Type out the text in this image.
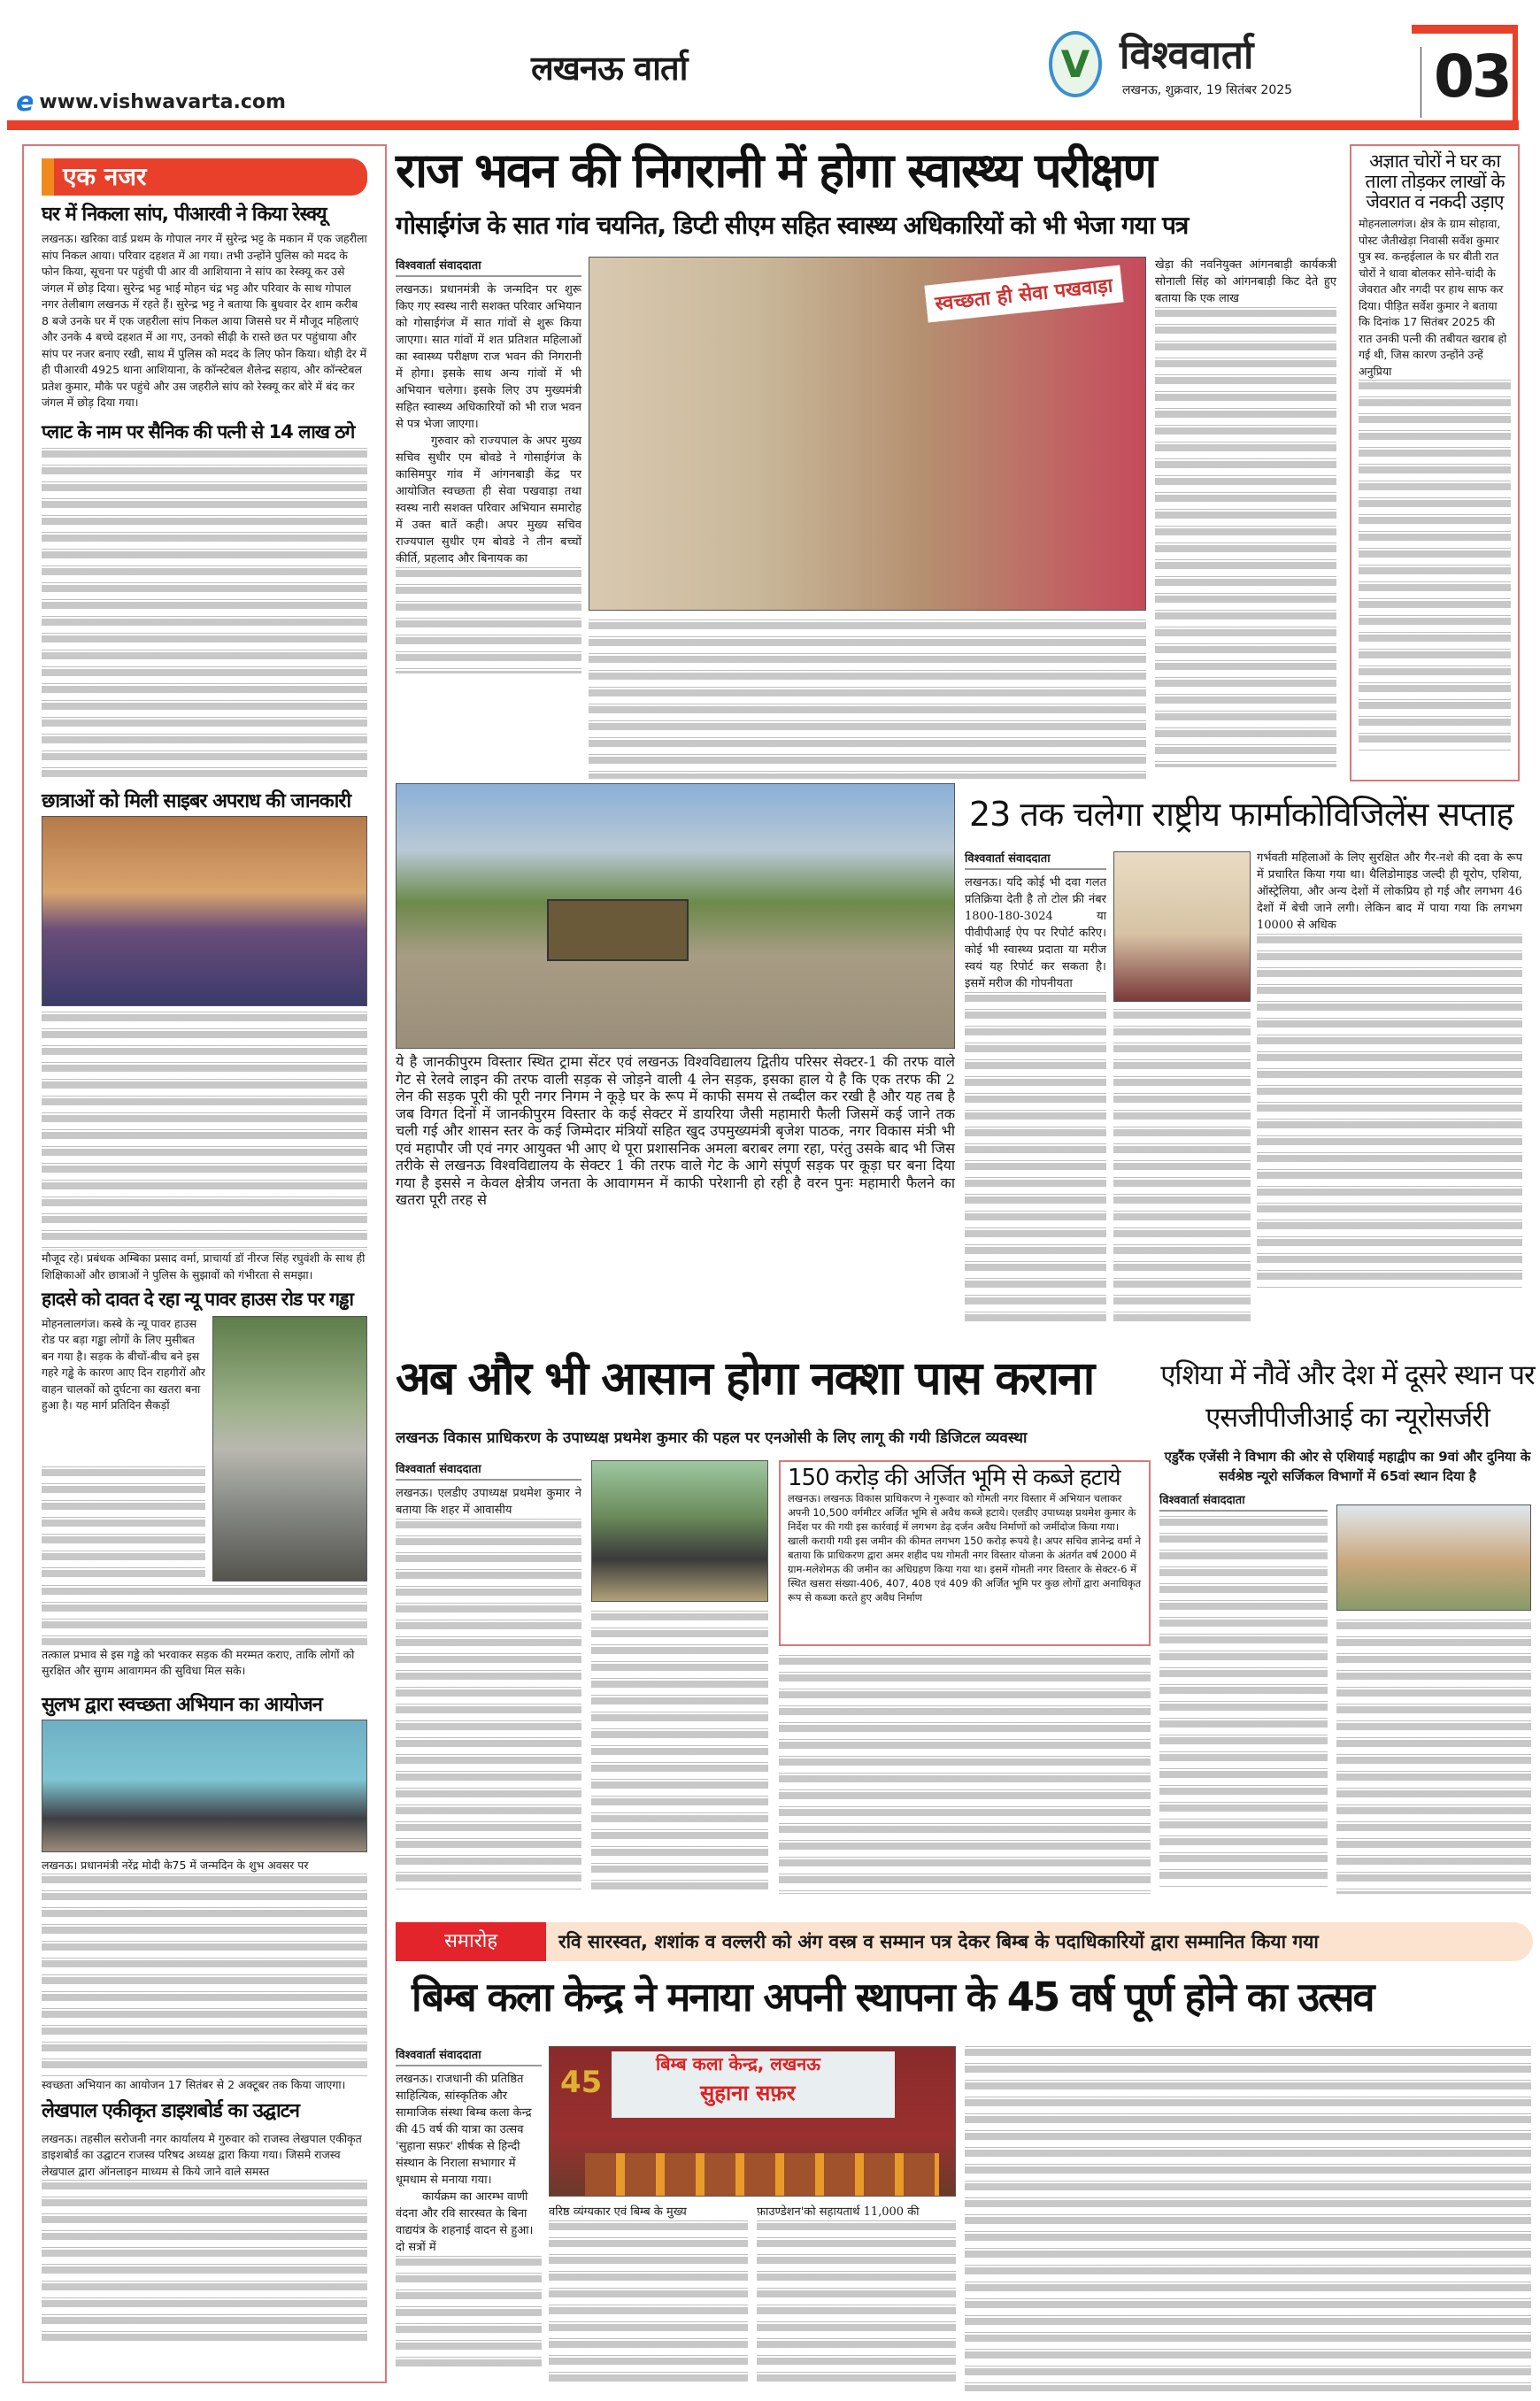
लखनऊ वार्ता
e www.vishwavarta.com
V विश्ववार्ता
लखनऊ, शुक्रवार, 19 सितंबर 2025 03
एक नजर
घर में निकला सांप, पीआरवी ने किया रेस्क्यू
लखनऊ। खरिका वार्ड प्रथम के गोपाल नगर में सुरेन्द्र भट्ट के मकान में एक जहरीला सांप निकल आया। परिवार दहशत में आ गया। तभी उन्होंने पुलिस को मदद के फोन किया, सूचना पर पहुंची पी आर वी आशियाना ने सांप का रेस्क्यू कर उसे जंगल में छोड़ दिया। सुरेन्द्र भट्ट भाई मोहन चंद्र भट्ट और परिवार के साथ गोपाल नगर तेलीबाग लखनऊ में रहते हैं। सुरेन्द्र भट्ट ने बताया कि बुधवार देर शाम करीब 8 बजे उनके घर में एक जहरीला सांप निकल आया जिससे घर में मौजूद महिलाएं और उनके 4 बच्चे दहशत में आ गए, उनको सीढ़ी के रास्ते छत पर पहुंचाया और सांप पर नजर बनाए रखी, साथ में पुलिस को मदद के लिए फोन किया। थोड़ी देर में ही पीआरवी 4925 थाना आशियाना, के कॉन्स्टेबल शैलेन्द्र सहाय, और कॉन्स्टेबल प्रतेश कुमार, मौके पर पहुंचे और उस जहरीले सांप को रेस्क्यू कर बोरे में बंद कर जंगल में छोड़ दिया गया।
प्लाट के नाम पर सैनिक की पत्नी से 14 लाख ठगे
छात्राओं को मिली साइबर अपराध की जानकारी
मौजूद रहे। प्रबंधक अम्बिका प्रसाद वर्मा, प्राचार्या डॉ नीरज सिंह रघुवंशी के साथ ही शिक्षिकाओं और छात्राओं ने पुलिस के सुझावों को गंभीरता से समझा।
हादसे को दावत दे रहा न्यू पावर हाउस रोड पर गड्ढा
मोहनलालगंज। कस्बे के न्यू पावर हाउस रोड पर बड़ा गड्ढा लोगों के लिए मुसीबत बन गया है। सड़क के बीचों-बीच बने इस गहरे गड्ढे के कारण आए दिन राहगीरों और वाहन चालकों को दुर्घटना का खतरा बना हुआ है। यह मार्ग प्रतिदिन सैकड़ों
तत्काल प्रभाव से इस गड्ढे को भरवाकर सड़क की मरम्मत कराए, ताकि लोगों को सुरक्षित और सुगम आवागमन की सुविधा मिल सके।
सुलभ द्वारा स्वच्छता अभियान का आयोजन
लखनऊ। प्रधानमंत्री नरेंद्र मोदी के75 में जन्मदिन के शुभ अवसर पर
स्वच्छता अभियान का आयोजन 17 सितंबर से 2 अक्टूबर तक किया जाएगा।
लेखपाल एकीकृत डाइशबोर्ड का उद्घाटन
लखनऊ। तहसील सरोजनी नगर कार्यालय मे गुरुवार को राजस्व लेखपाल एकीकृत डाइशबोर्ड का उद्घाटन राजस्व परिषद अध्यक्ष द्वारा किया गया। जिसमे राजस्व लेखपाल द्वारा ऑनलाइन माध्यम से किये जाने वाले समस्त
राज भवन की निगरानी में होगा स्वास्थ्य परीक्षण
गोसाईगंज के सात गांव चयनित, डिप्टी सीएम सहित स्वास्थ्य अधिकारियों को भी भेजा गया पत्र
विश्ववार्ता संवाददाता
लखनऊ। प्रधानमंत्री के जन्मदिन पर शुरू किए गए स्वस्थ नारी सशक्त परिवार अभियान को गोसाईगंज में सात गांवों से शुरू किया जाएगा। सात गांवों में शत प्रतिशत महिलाओं का स्वास्थ्य परीक्षण राज भवन की निगरानी में होगा। इसके साथ अन्य गांवों में भी अभियान चलेगा। इसके लिए उप मुख्यमंत्री सहित स्वास्थ्य अधिकारियों को भी राज भवन से पत्र भेजा जाएगा।
गुरुवार को राज्यपाल के अपर मुख्य सचिव सुधीर एम बोवडे ने गोसाईगंज के कासिमपुर गांव में आंगनबाड़ी केंद्र पर आयोजित स्वच्छता ही सेवा पखवाड़ा तथा स्वस्थ नारी सशक्त परिवार अभियान समारोह में उक्त बातें कही। अपर मुख्य सचिव राज्यपाल सुधीर एम बोवडे ने तीन बच्चों कीर्ति, प्रहलाद और बिनायक का
स्वच्छता ही सेवा पखवाड़ा
खेड़ा की नवनियुक्त आंगनबाड़ी कार्यकत्री सोनाली सिंह को आंगनबाड़ी किट देते हुए बताया कि एक लाख
अज्ञात चोरों ने घर का ताला तोड़कर लाखों के जेवरात व नकदी उड़ाए
मोहनलालगंज। क्षेत्र के ग्राम सोहावा, पोस्ट जैतीखेड़ा निवासी सर्वेश कुमार पुत्र स्व. कन्हईलाल के घर बीती रात चोरों ने धावा बोलकर सोने-चांदी के जेवरात और नगदी पर हाथ साफ कर दिया। पीड़ित सर्वेश कुमार ने बताया कि दिनांक 17 सितंबर 2025 की रात उनकी पत्नी की तबीयत खराब हो गई थी, जिस कारण उन्होंने उन्हें अनुप्रिया
ये है जानकीपुरम विस्तार स्थित ट्रामा सेंटर एवं लखनऊ विश्वविद्यालय द्वितीय परिसर सेक्टर-1 की तरफ वाले गेट से रेलवे लाइन की तरफ वाली सड़क से जोड़ने वाली 4 लेन सड़क, इसका हाल ये है कि एक तरफ की 2 लेन की सड़क पूरी की पूरी नगर निगम ने कूड़े घर के रूप में काफी समय से तब्दील कर रखी है और यह तब है जब विगत दिनों में जानकीपुरम विस्तार के कई सेक्टर में डायरिया जैसी महामारी फैली जिसमें कई जाने तक चली गई और शासन स्तर के कई जिम्मेदार मंत्रियों सहित खुद उपमुख्यमंत्री बृजेश पाठक, नगर विकास मंत्री भी एवं महापौर जी एवं नगर आयुक्त भी आए थे पूरा प्रशासनिक अमला बराबर लगा रहा, परंतु उसके बाद भी जिस तरीके से लखनऊ विश्वविद्यालय के सेक्टर 1 की तरफ वाले गेट के आगे संपूर्ण सड़क पर कूड़ा घर बना दिया गया है इससे न केवल क्षेत्रीय जनता के आवागमन में काफी परेशानी हो रही है वरन पुनः महामारी फैलने का खतरा पूरी तरह से
23 तक चलेगा राष्ट्रीय फार्माकोविजिलेंस सप्ताह
विश्ववार्ता संवाददाता
लखनऊ। यदि कोई भी दवा गलत प्रतिक्रिया देती है तो टोल फ्री नंबर 1800-180-3024 या पीवीपीआई ऐप पर रिपोर्ट करिए। कोई भी स्वास्थ्य प्रदाता या मरीज स्वयं यह रिपोर्ट कर सकता है। इसमें मरीज की गोपनीयता
गर्भवती महिलाओं के लिए सुरक्षित और गैर-नशे की दवा के रूप में प्रचारित किया गया था। थैलिडोमाइड जल्दी ही यूरोप, एशिया, ऑस्ट्रेलिया, और अन्य देशों में लोकप्रिय हो गई और लगभग 46 देशों में बेची जाने लगी। लेकिन बाद में पाया गया कि लगभग 10000 से अधिक
अब और भी आसान होगा नक्शा पास कराना
लखनऊ विकास प्राधिकरण के उपाध्यक्ष प्रथमेश कुमार की पहल पर एनओसी के लिए लागू की गयी डिजिटल व्यवस्था
विश्ववार्ता संवाददाता
लखनऊ। एलडीए उपाध्यक्ष प्रथमेश कुमार ने बताया कि शहर में आवासीय
150 करोड़ की अर्जित भूमि से कब्जे हटाये
लखनऊ। लखनऊ विकास प्राधिकरण ने गुरूवार को गोमती नगर विस्तार में अभियान चलाकर अपनी 10,500 वर्गमीटर अर्जित भूमि से अवैध कब्जे हटाये। एलडीए उपाध्यक्ष प्रथमेश कुमार के निर्देश पर की गयी इस कार्रवाई में लगभग डेढ़ दर्जन अवैध निर्माणों को जमींदोज किया गया। खाली करायी गयी इस जमीन की कीमत लगभग 150 करोड़ रूपये है। अपर सचिव ज्ञानेन्द्र वर्मा ने बताया कि प्राधिकरण द्वारा अमर शहीद पथ गोमती नगर विस्तार योजना के अंतर्गत वर्ष 2000 में ग्राम-मलेशेमऊ की जमीन का अधिग्रहण किया गया था। इसमें गोमती नगर विस्तार के सेक्टर-6 में स्थित खसरा संख्या-406, 407, 408 एवं 409 की अर्जित भूमि पर कुछ लोगों द्वारा अनाधिकृत रूप से कब्जा करते हुए अवैध निर्माण
एशिया में नौवें और देश में दूसरे स्थान पर एसजीपीजीआई का न्यूरोसर्जरी
एडुरैंक एजेंसी ने विभाग की ओर से एशियाई महाद्वीप का 9वां और दुनिया के सर्वश्रेष्ठ न्यूरो सर्जिकल विभागों में 65वां स्थान दिया है
विश्ववार्ता संवाददाता
समारोह	रवि सारस्वत, शशांक व वल्लरी को अंग वस्त्र व सम्मान पत्र देकर बिम्ब के पदाधिकारियों द्वारा सम्मानित किया गया
बिम्ब कला केन्द्र ने मनाया अपनी स्थापना के 45 वर्ष पूर्ण होने का उत्सव
विश्ववार्ता संवाददाता
लखनऊ। राजधानी की प्रतिष्ठित साहित्यिक, सांस्कृतिक और सामाजिक संस्था बिम्ब कला केन्द्र की 45 वर्ष की यात्रा का उत्सव 'सुहाना सफ़र' शीर्षक से हिन्दी संस्थान के निराला सभागार में धूमधाम से मनाया गया।
कार्यक्रम का आरम्भ वाणी वंदना और रवि सारस्वत के बिना वाद्ययंत्र के शहनाई वादन से हुआ। दो सत्रों में
बिम्ब कला केन्द्र, लखनऊ
सुहाना सफ़र
45
वरिष्ठ व्यंग्यकार एवं बिम्ब के मुख्य	फ़ाउण्डेशन'को सहायतार्थ 11,000 की
